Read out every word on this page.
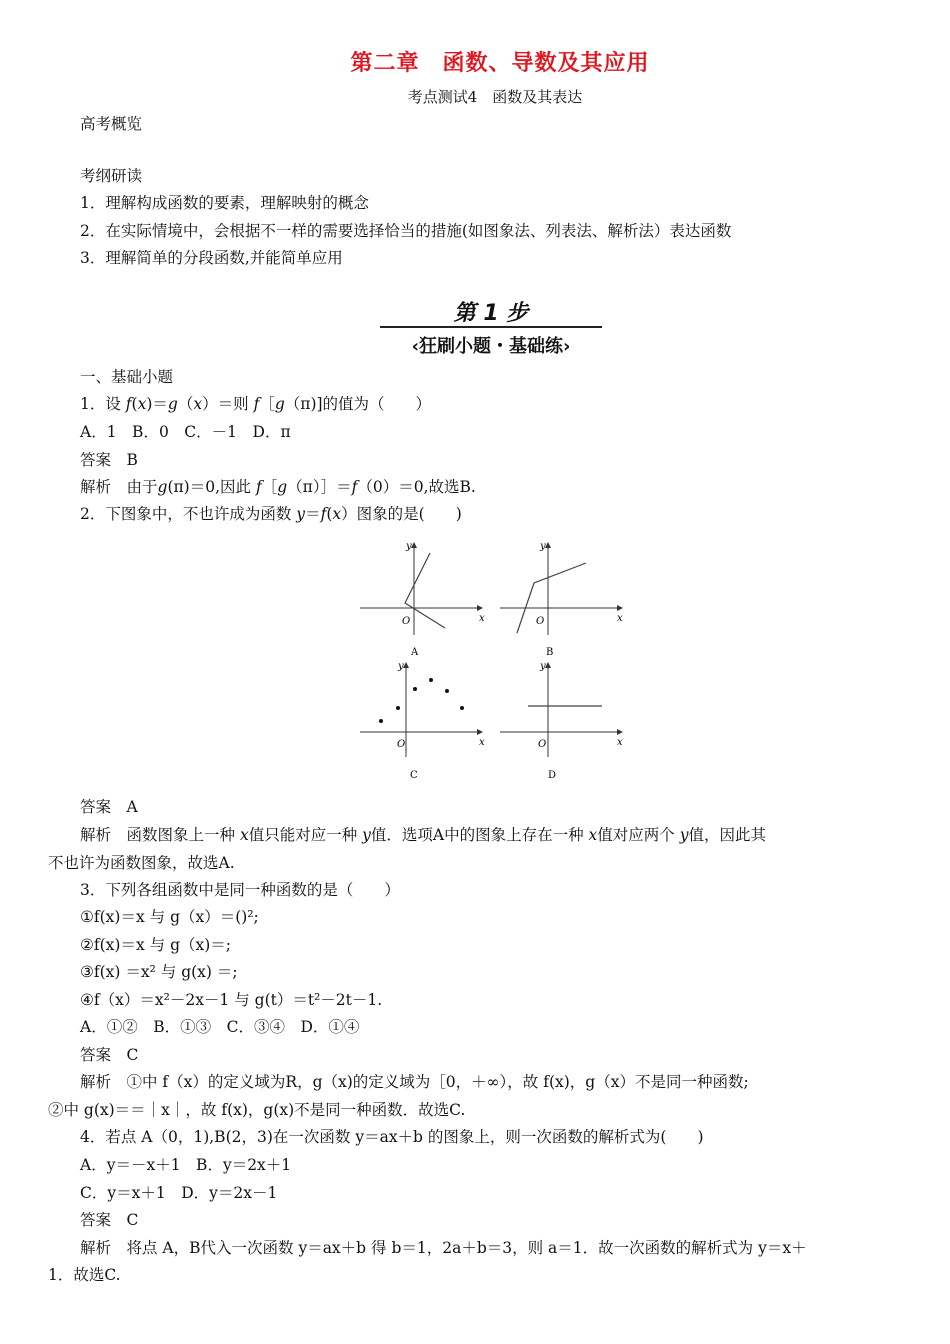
第二章　函数、导数及其应用
考点测试4　函数及其表达
高考概览
考纲研读
1．理解构成函数的要素，理解映射的概念
2．在实际情境中，会根据不一样的需要选择恰当的措施(如图象法、列表法、解析法）表达函数
3．理解简单的分段函数,并能简单应用
第 1 步
‹狂刷小题・基础练›
一、基础小题
1．设 f(x)＝g（x）＝则 f［g（π)]的值为（　　）
A．1　B．0　C．－1　D．π
答案　B
解析　由于g(π)＝0,因此 f［g（π）］＝f（0）＝0,故选B.
2．下图象中，不也许成为函数 y＝f(x）图象的是(　　)
y
x
O
A
y
x
O
B
y
x
O
C
y
x
O
D
答案　A
解析　函数图象上一种 x值只能对应一种 y值．选项A中的图象上存在一种 x值对应两个 y值，因此其
不也许为函数图象，故选A.
3．下列各组函数中是同一种函数的是（　　）
①f(x)＝x 与 g（x）＝()²;
②f(x)＝x 与 g（x)＝;
③f(x) ＝x² 与 g(x) ＝;
④f（x）＝x²－2x－1 与 g(t）＝t²－2t－1.
A．①②　B．①③　C．③④　D．①④
答案　C
解析　①中 f（x）的定义域为R，g（x)的定义域为［0，＋∞），故 f(x)，g（x）不是同一种函数;
②中 g(x)＝＝｜x｜，故 f(x)，g(x)不是同一种函数．故选C.
4．若点 A（0，1),B(2，3)在一次函数 y＝ax＋b 的图象上，则一次函数的解析式为(　　)
A．y＝－x＋1　B．y＝2x＋1
C．y＝x＋1　D．y＝2x－1
答案　C
解析　将点 A，B代入一次函数 y＝ax＋b 得 b＝1，2a＋b＝3，则 a＝1．故一次函数的解析式为 y＝x＋
1．故选C.
